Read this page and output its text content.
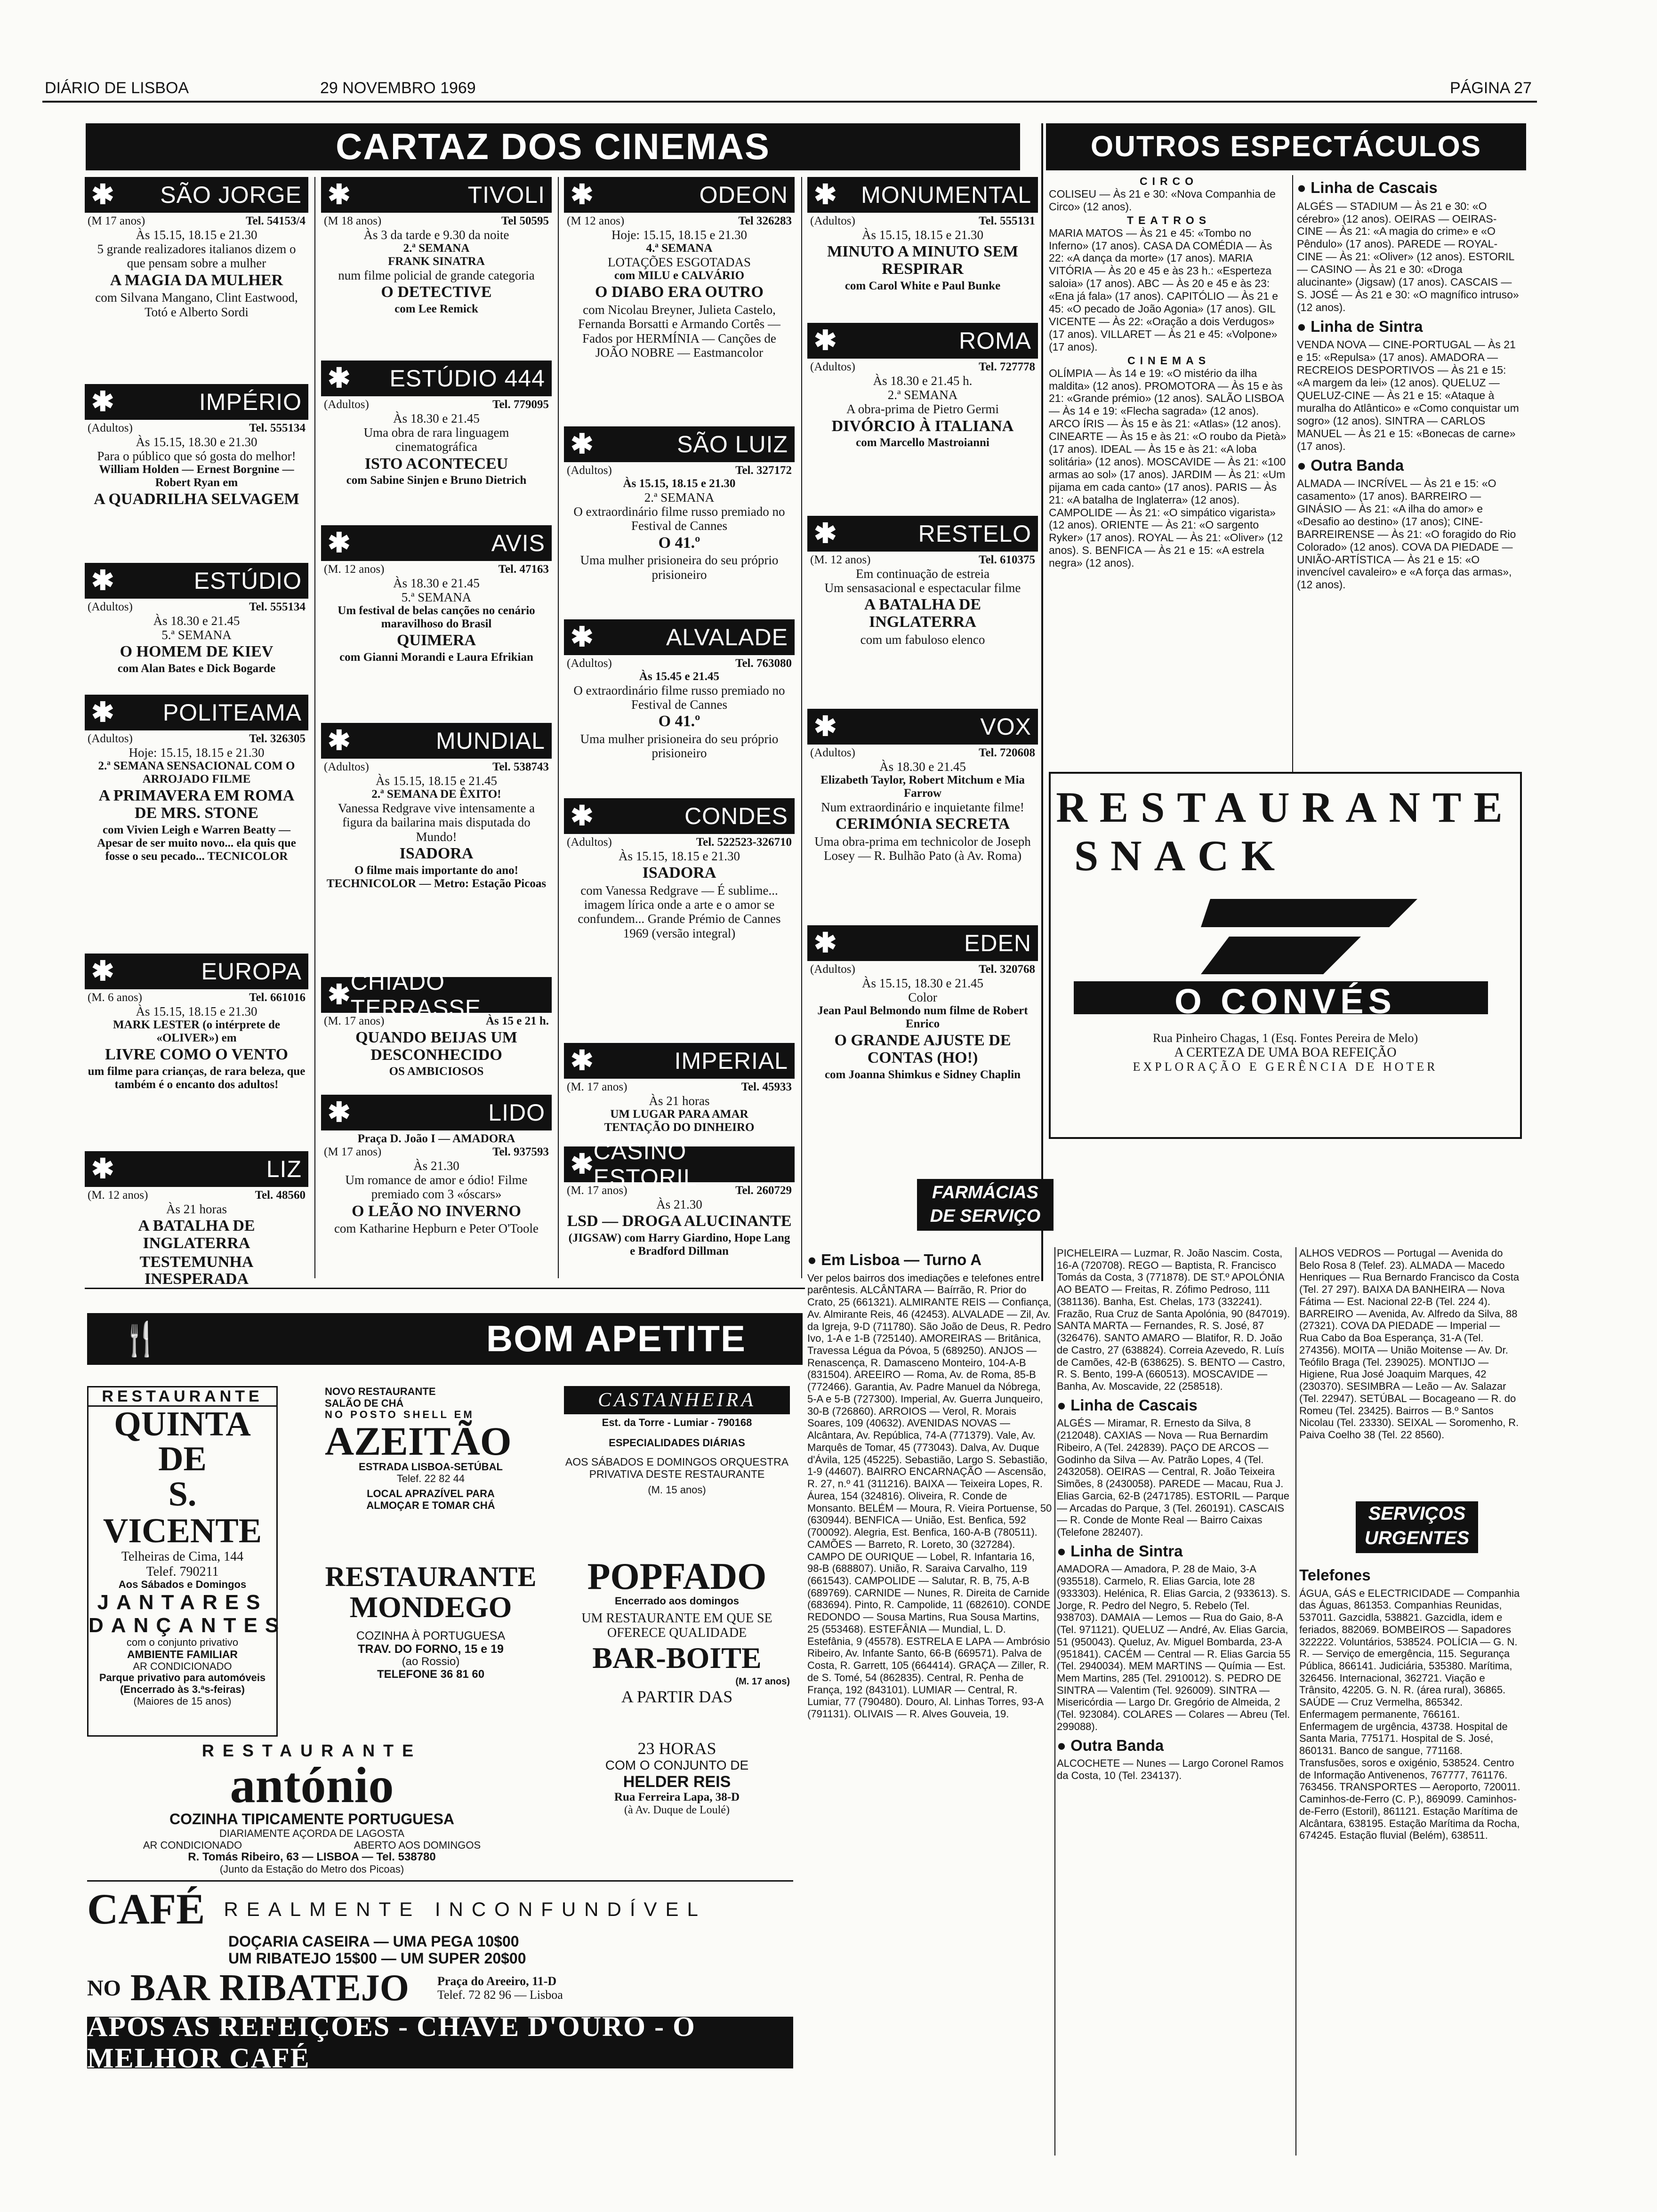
DIÁRIO DE LISBOA	29 NOVEMBRO 1969	PÁGINA 27
CARTAZ DOS CINEMAS	OUTROS ESPECTÁCULOS
✱ SÃO JORGE
(M 17 anos)	Tel. 54153/4
Às 15.15, 18.15 e 21.30
5 grande realizadores italianos dizem o que pensam sobre a mulher
A MAGIA DA MULHER
com Silvana Mangano, Clint Eastwood, Totó e Alberto Sordi
✱	IMPÉRIO
(Adultos)	Tel. 555134
Às 15.15, 18.30 e 21.30
Para o público que só gosta do melhor!
William Holden — Ernest Borgnine — Robert Ryan em
A QUADRILHA SELVAGEM
✱	ESTÚDIO
(Adultos)	Tel. 555134
Às 18.30 e 21.45
5.ª SEMANA
O HOMEM DE KIEV
com Alan Bates e Dick Bogarde
✱ POLITEAMA
(Adultos)	Tel. 326305
Hoje: 15.15, 18.15 e 21.30
2.ª SEMANA SENSACIONAL COM O ARROJADO FILME
A PRIMAVERA EM ROMA DE MRS. STONE
com Vivien Leigh e Warren Beatty — Apesar de ser muito novo... ela quis que fosse o seu pecado... TECNICOLOR
✱	EUROPA
(M. 6 anos)	Tel. 661016
Às 15.15, 18.15 e 21.30
MARK LESTER (o intérprete de «OLIVER») em
LIVRE COMO O VENTO
um filme para crianças, de rara beleza, que também é o encanto dos adultos!
✱	LIZ
(M. 12 anos)	Tel. 48560
Às 21 horas
A BATALHA DE INGLATERRA
TESTEMUNHA INESPERADA
✱	TIVOLI
(M 18 anos)	Tel 50595
Às 3 da tarde e 9.30 da noite
2.ª SEMANA
FRANK SINATRA
num filme policial de grande categoria
O DETECTIVE
com Lee Remick
✱ ESTÚDIO 444
(Adultos)	Tel. 779095
Às 18.30 e 21.45
Uma obra de rara linguagem cinematográfica
ISTO ACONTECEU
com Sabine Sinjen e Bruno Dietrich
✱	AVIS
(M. 12 anos)	Tel. 47163
Às 18.30 e 21.45
5.ª SEMANA
Um festival de belas canções no cenário maravilhoso do Brasil
QUIMERA
com Gianni Morandi e Laura Efrikian
✱	MUNDIAL
(Adultos)	Tel. 538743
Às 15.15, 18.15 e 21.45
2.ª SEMANA DE ÊXITO!
Vanessa Redgrave vive intensamente a figura da bailarina mais disputada do Mundo!
ISADORA
O filme mais importante do ano! TECHNICOLOR — Metro: Estação Picoas
✱ CHIADO TERRASSE
(M. 17 anos)	Às 15 e 21 h.
QUANDO BEIJAS UM DESCONHECIDO
OS AMBICIOSOS
✱	LIDO
Praça D. João I — AMADORA
(M 17 anos)	Tel. 937593
Às 21.30
Um romance de amor e ódio! Filme premiado com 3 «óscars»
O LEÃO NO INVERNO
com Katharine Hepburn e Peter O'Toole
✱	ODEON
(M 12 anos)	Tel 326283
Hoje: 15.15, 18.15 e 21.30
4.ª SEMANA
LOTAÇÕES ESGOTADAS
com MILU e CALVÁRIO
O DIABO ERA OUTRO
com Nicolau Breyner, Julieta Castelo, Fernanda Borsatti e Armando Cortês — Fados por HERMÍNIA — Canções de JOÃO NOBRE — Eastmancolor
✱	SÃO LUIZ
(Adultos)	Tel. 327172
Às 15.15, 18.15 e 21.30
2.ª SEMANA
O extraordinário filme russo premiado no Festival de Cannes
O 41.º
Uma mulher prisioneira do seu próprio prisioneiro
✱	ALVALADE
(Adultos)	Tel. 763080
Às 15.45 e 21.45
O extraordinário filme russo premiado no Festival de Cannes
O 41.º
Uma mulher prisioneira do seu próprio prisioneiro
✱	CONDES
(Adultos)	Tel. 522523-326710
Às 15.15, 18.15 e 21.30
ISADORA
com Vanessa Redgrave — É sublime... imagem lírica onde a arte e o amor se confundem... Grande Prémio de Cannes 1969 (versão integral)
✱	IMPERIAL
(M. 17 anos)	Tel. 45933
Às 21 horas
UM LUGAR PARA AMAR
TENTAÇÃO DO DINHEIRO
✱ CASINO ESTORIL
(M. 17 anos)	Tel. 260729
Às 21.30
LSD — DROGA ALUCINANTE
(JIGSAW) com Harry Giardino, Hope Lang e Bradford Dillman
✱ MONUMENTAL
(Adultos)	Tel. 555131
Às 15.15, 18.15 e 21.30
MINUTO A MINUTO SEM RESPIRAR
com Carol White e Paul Bunke
✱	ROMA
(Adultos)	Tel. 727778
Às 18.30 e 21.45 h.
2.ª SEMANA
A obra-prima de Pietro Germi
DIVÓRCIO À ITALIANA
com Marcello Mastroianni
✱	RESTELO
(M. 12 anos)	Tel. 610375
Em continuação de estreia
Um sensasacional e espectacular filme
A BATALHA DE INGLATERRA
com um fabuloso elenco
✱	VOX
(Adultos)	Tel. 720608
Às 18.30 e 21.45
Elizabeth Taylor, Robert Mitchum e Mia Farrow
Num extraordinário e inquietante filme!
CERIMÓNIA SECRETA
Uma obra-prima em technicolor de Joseph Losey — R. Bulhão Pato (à Av. Roma)
✱	EDEN
(Adultos)	Tel. 320768
Às 15.15, 18.30 e 21.45
Color
Jean Paul Belmondo num filme de Robert Enrico
O GRANDE AJUSTE DE CONTAS (HO!)
com Joanna Shimkus e Sidney Chaplin
CIRCO

COLISEU — Às 21 e 30: «Nova Companhia de Circo» (12 anos).

TEATROS

MARIA MATOS — Às 21 e 45: «Tombo no Inferno» (17 anos). CASA DA COMÉDIA — Às 22: «A dança da morte» (17 anos). MARIA VITÓRIA — Às 20 e 45 e às 23 h.: «Esperteza saloia» (17 anos). ABC — Às 20 e 45 e às 23: «Ena já fala» (17 anos). CAPITÓLIO — Às 21 e 45: «O pecado de João Agonia» (17 anos). GIL VICENTE — Às 22: «Oração a dois Verdugos» (17 anos). VILLARET — Às 21 e 45: «Volpone» (17 anos).

CINEMAS

OLÍMPIA — Às 14 e 19: «O mistério da ilha maldita» (12 anos). PROMOTORA — Às 15 e às 21: «Grande prémio» (12 anos). SALÃO LISBOA — Às 14 e 19: «Flecha sagrada» (12 anos). ARCO ÍRIS — Às 15 e às 21: «Atlas» (12 anos). CINEARTE — Às 15 e às 21: «O roubo da Pietà» (17 anos). IDEAL — Às 15 e às 21: «A loba solitária» (12 anos). MOSCAVIDE — Às 21: «100 armas ao sol» (17 anos). JARDIM — Às 21: «Um pijama em cada canto» (17 anos). PARIS — Às 21: «A batalha de Inglaterra» (12 anos). CAMPOLIDE — Às 21: «O simpático vigarista» (12 anos). ORIENTE — Às 21: «O sargento Ryker» (17 anos). ROYAL — Às 21: «Oliver» (12 anos). S. BENFICA — Às 21 e 15: «A estrela negra» (12 anos).

● Linha de Cascais

ALGÉS — STADIUM — Às 21 e 30: «O cérebro» (12 anos). OEIRAS — OEIRAS-CINE — Às 21: «A magia do crime» e «O Pêndulo» (17 anos). PAREDE — ROYAL-CINE — Às 21: «Oliver» (12 anos). ESTORIL — CASINO — Às 21 e 30: «Droga alucinante» (Jigsaw) (17 anos). CASCAIS — S. JOSÉ — Às 21 e 30: «O magnífico intruso» (12 anos).

● Linha de Sintra

VENDA NOVA — CINE-PORTUGAL — Às 21 e 15: «Repulsa» (17 anos). AMADORA — RECREIOS DESPORTIVOS — Às 21 e 15: «A margem da lei» (12 anos). QUELUZ — QUELUZ-CINE — Às 21 e 15: «Ataque à muralha do Atlântico» e «Como conquistar um sogro» (12 anos). SINTRA — CARLOS MANUEL — Às 21 e 15: «Bonecas de carne» (17 anos).

● Outra Banda

ALMADA — INCRÍVEL — Às 21 e 15: «O casamento» (17 anos). BARREIRO — GINÁSIO — Às 21: «A ilha do amor» e «Desafio ao destino» (17 anos); CINE-BARREIRENSE — Às 21: «O foragido do Rio Colorado» (12 anos). COVA DA PIEDADE — UNIÃO-ARTÍSTICA — Às 21 e 15: «O invencível cavaleiro» e «A força das armas», (12 anos).

RESTAURANTE
SNACK
O CONVÉS
Rua Pinheiro Chagas, 1 (Esq. Fontes Pereira de Melo)
A CERTEZA DE UMA BOA REFEIÇÃO
EXPLORAÇÃO E GERÊNCIA DE HOTER
🍴	BOM APETITE
RESTAURANTE
QUINTA DE
S. VICENTE
Telheiras de Cima, 144
Telef. 790211
Aos Sábados e Domingos
JANTARES
DANÇANTES
com o conjunto privativo
AMBIENTE FAMILIAR
AR CONDICIONADO
Parque privativo para automóveis
(Encerrado às 3.ªs-feiras)
(Maiores de 15 anos)
NOVO RESTAURANTE
SALÃO DE CHÁ
NO POSTO SHELL EM
AZEITÃO
ESTRADA LISBOA-SETÚBAL
Telef. 22 82 44
LOCAL APRAZÍVEL PARA
ALMOÇAR E TOMAR CHÁ
RESTAURANTE
MONDEGO
COZINHA À PORTUGUESA
TRAV. DO FORNO, 15 e 19
(ao Rossio)
TELEFONE 36 81 60
CASTANHEIRA
Est. da Torre - Lumiar - 790168
ESPECIALIDADES DIÁRIAS
AOS SÁBADOS E DOMINGOS ORQUESTRA PRIVATIVA DESTE RESTAURANTE
(M. 15 anos)
POPFADO
Encerrado aos domingos
UM RESTAURANTE EM QUE SE OFERECE QUALIDADE
BAR-BOITE
(M. 17 anos)
A PARTIR DAS
23 HORAS
COM O CONJUNTO DE
HELDER REIS
Rua Ferreira Lapa, 38-D
(à Av. Duque de Loulé)
RESTAURANTE
antónio
COZINHA TIPICAMENTE PORTUGUESA
DIARIAMENTE AÇORDA DE LAGOSTA
AR CONDICIONADO	ABERTO AOS DOMINGOS
R. Tomás Ribeiro, 63 — LISBOA — Tel. 538780
(Junto da Estação do Metro dos Picoas)
CAFÉ REALMENTE INCONFUNDÍVEL
DOÇARIA CASEIRA — UMA PEGA 10$00
UM RIBATEJO 15$00 — UM SUPER 20$00
NO BAR RIBATEJO Praça do Areeiro, 11-D
Telef. 72 82 96 — Lisboa
APÓS AS REFEIÇÕES - CHAVE D'OURO - O MELHOR CAFÉ
FARMÁCIAS
DE SERVIÇO
● Em Lisboa — Turno A

Ver pelos bairros dos imediações e telefones entre parêntesis. ALCÂNTARA — Baírrão, R. Prior do Crato, 25 (661321). ALMIRANTE REIS — Confiança, Av. Almirante Reis, 46 (42453). ALVALADE — Zil, Av. da Igreja, 9-D (711780). São João de Deus, R. Pedro Ivo, 1-A e 1-B (725140). AMOREIRAS — Britânica, Travessa Légua da Póvoa, 5 (689250). ANJOS — Renascença, R. Damasceno Monteiro, 104-A-B (831504). AREEIRO — Roma, Av. de Roma, 85-B (772466). Garantia, Av. Padre Manuel da Nóbrega, 5-A e 5-B (727300). Imperial, Av. Guerra Junqueiro, 30-B (726860). ARROIOS — Verol, R. Morais Soares, 109 (40632). AVENIDAS NOVAS — Alcântara, Av. República, 74-A (771379). Vale, Av. Marquês de Tomar, 45 (773043). Dalva, Av. Duque d'Ávila, 125 (45225). Sebastião, Largo S. Sebastião, 1-9 (44607). BAIRRO ENCARNAÇÃO — Ascensão, R. 27, n.º 41 (311216). BAIXA — Teixeira Lopes, R. Áurea, 154 (324816). Oliveira, R. Conde de Monsanto. BELÉM — Moura, R. Vieira Portuense, 50 (630944). BENFICA — União, Est. Benfica, 592 (700092). Alegria, Est. Benfica, 160-A-B (780511). CAMÕES — Barreto, R. Loreto, 30 (327284). CAMPO DE OURIQUE — Lobel, R. Infantaria 16, 98-B (688807). União, R. Saraiva Carvalho, 119 (661543). CAMPOLIDE — Salutar, R. B, 75, A-B (689769). CARNIDE — Nunes, R. Direita de Carnide (683694). Pinto, R. Campolide, 11 (682610). CONDE REDONDO — Sousa Martins, Rua Sousa Martins, 25 (553468). ESTEFÂNIA — Mundial, L. D. Estefânia, 9 (45578). ESTRELA E LAPA — Ambrósio Ribeiro, Av. Infante Santo, 66-B (669571). Palva de Costa, R. Garrett, 105 (664414). GRAÇA — Ziller, R. de S. Tomé, 54 (862835). Central, R. Penha de França, 192 (843101). LUMIAR — Central, R. Lumiar, 77 (790480). Douro, Al. Linhas Torres, 93-A (791131). OLIVAIS — R. Alves Gouveia, 19.

PICHELEIRA — Luzmar, R. João Nascim. Costa, 16-A (720708). REGO — Baptista, R. Francisco Tomás da Costa, 3 (771878). DE ST.º APOLÓNIA AO BEATO — Freitas, R. Zófimo Pedroso, 111 (381136). Banha, Est. Chelas, 173 (332241). Frazão, Rua Cruz de Santa Apolónia, 90 (847019). SANTA MARTA — Fernandes, R. S. José, 87 (326476). SANTO AMARO — Blatifor, R. D. João de Castro, 27 (638824). Correia Azevedo, R. Luís de Camões, 42-B (638625). S. BENTO — Castro, R. S. Bento, 199-A (660513). MOSCAVIDE — Banha, Av. Moscavide, 22 (258518).

● Linha de Cascais

ALGÉS — Miramar, R. Ernesto da Silva, 8 (212048). CAXIAS — Nova — Rua Bernardim Ribeiro, A (Tel. 242839). PAÇO DE ARCOS — Godinho da Silva — Av. Patrão Lopes, 4 (Tel. 2432058). OEIRAS — Central, R. João Teixeira Simões, 8 (2430058). PAREDE — Macau, Rua J. Elias Garcia, 62-B (2471785). ESTORIL — Parque — Arcadas do Parque, 3 (Tel. 260191). CASCAIS — R. Conde de Monte Real — Bairro Caixas (Telefone 282407).

● Linha de Sintra

AMADORA — Amadora, P. 28 de Maio, 3-A (935518). Carmelo, R. Elias Garcia, lote 28 (933303). Helénica, R. Elias Garcia, 2 (933613). S. Jorge, R. Pedro del Negro, 5. Rebelo (Tel. 938703). DAMAIA — Lemos — Rua do Gaio, 8-A (Tel. 971121). QUELUZ — André, Av. Elias Garcia, 51 (950043). Queluz, Av. Miguel Bombarda, 23-A (951841). CACÉM — Central — R. Elias Garcia 55 (Tel. 2940034). MEM MARTINS — Químia — Est. Mem Martins, 285 (Tel. 2910012). S. PEDRO DE SINTRA — Valentim (Tel. 926009). SINTRA — Misericórdia — Largo Dr. Gregório de Almeida, 2 (Tel. 923084). COLARES — Colares — Abreu (Tel. 299088).

● Outra Banda

ALCOCHETE — Nunes — Largo Coronel Ramos da Costa, 10 (Tel. 234137).

ALHOS VEDROS — Portugal — Avenida do Belo Rosa 8 (Telef. 23). ALMADA — Macedo Henriques — Rua Bernardo Francisco da Costa (Tel. 27 297). BAIXA DA BANHEIRA — Nova Fátima — Est. Nacional 22-B (Tel. 224 4). BARREIRO — Avenida, Av. Alfredo da Silva, 88 (27321). COVA DA PIEDADE — Imperial — Rua Cabo da Boa Esperança, 31-A (Tel. 274356). MOITA — União Moitense — Av. Dr. Teófilo Braga (Tel. 239025). MONTIJO — Higiene, Rua José Joaquim Marques, 42 (230370). SESIMBRA — Leão — Av. Salazar (Tel. 22947). SETÚBAL — Bocageano — R. do Romeu (Tel. 23425). Bairros — B.º Santos Nicolau (Tel. 23330). SEIXAL — Soromenho, R. Paiva Coelho 38 (Tel. 22 8560).

SERVIÇOS
URGENTES
Telefones

ÁGUA, GÁS e ELECTRICIDADE — Companhia das Águas, 861353. Companhias Reunidas, 537011. Gazcidla, 538821. Gazcidla, idem e feriados, 882069. BOMBEIROS — Sapadores 322222. Voluntários, 538524. POLÍCIA — G. N. R. — Serviço de emergência, 115. Segurança Pública, 866141. Judiciária, 535380. Marítima, 326456. Internacional, 362721. Viação e Trânsito, 42205. G. N. R. (área rural), 36865. SAÚDE — Cruz Vermelha, 865342. Enfermagem permanente, 766161. Enfermagem de urgência, 43738. Hospital de Santa Maria, 775171. Hospital de S. José, 860131. Banco de sangue, 771168. Transfusões, soros e oxigénio, 538524. Centro de Informação Antivenenos, 767777, 761176. 763456. TRANSPORTES — Aeroporto, 720011. Caminhos-de-Ferro (C. P.), 869099. Caminhos-de-Ferro (Estoril), 861121. Estação Marítima de Alcântara, 638195. Estação Marítima da Rocha, 674245. Estação fluvial (Belém), 638511.
